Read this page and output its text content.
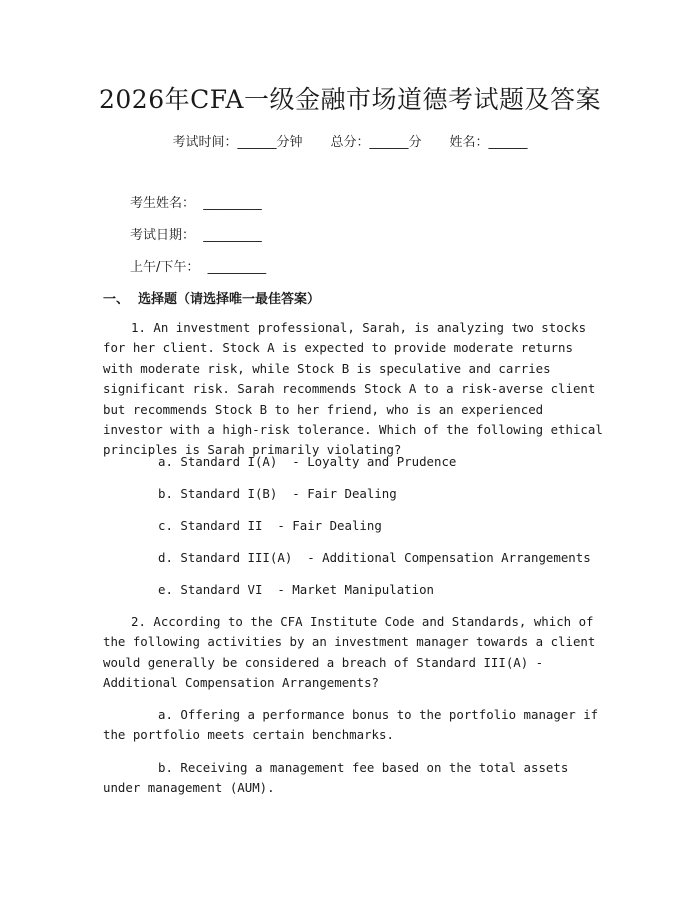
2026年CFA一级金融市场道德考试题及答案
考试时间：______分钟 总分：______分 姓名：______
考生姓名： _________
考试日期： _________
上午/下午： _________
一、  选择题（请选择唯一最佳答案）
1. An investment professional, Sarah, is analyzing two stocks for her client. Stock A is expected to provide moderate returns with moderate risk, while Stock B is speculative and carries significant risk. Sarah recommends Stock A to a risk-averse client but recommends Stock B to her friend, who is an experienced investor with a high-risk tolerance. Which of the following ethical principles is Sarah primarily violating?
a. Standard I(A)  - Loyalty and Prudence
b. Standard I(B)  - Fair Dealing
c. Standard II  - Fair Dealing
d. Standard III(A)  - Additional Compensation Arrangements
e. Standard VI  - Market Manipulation
2. According to the CFA Institute Code and Standards, which of the following activities by an investment manager towards a client would generally be considered a breach of Standard III(A) - Additional Compensation Arrangements?
a. Offering a performance bonus to the portfolio manager if the portfolio meets certain benchmarks.
b. Receiving a management fee based on the total assets under management (AUM).
